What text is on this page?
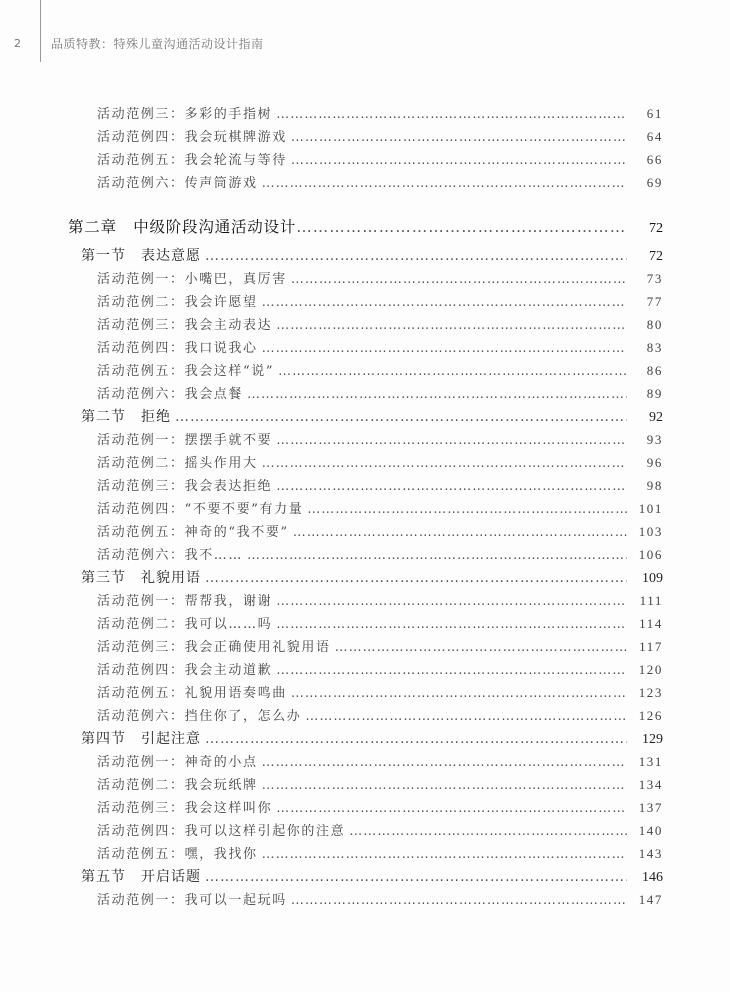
2	品质特教：特殊儿童沟通活动设计指南
活动范例三：多彩的手指树 ……………………………………………………………………………………………………………………………………………………………………………………………………	61
活动范例四：我会玩棋牌游戏 ……………………………………………………………………………………………………………………………………………………………………………………………………	64
活动范例五：我会轮流与等待 ……………………………………………………………………………………………………………………………………………………………………………………………………	66
活动范例六：传声筒游戏 ……………………………………………………………………………………………………………………………………………………………………………………………………	69
第二章　中级阶段沟通活动设计 ……………………………………………………………………………………………………………………………………………………………………………………………………	72
第一节　表达意愿 ……………………………………………………………………………………………………………………………………………………………………………………………………	72
活动范例一：小嘴巴，真厉害 ……………………………………………………………………………………………………………………………………………………………………………………………………	73
活动范例二：我会许愿望 ……………………………………………………………………………………………………………………………………………………………………………………………………	77
活动范例三：我会主动表达 ……………………………………………………………………………………………………………………………………………………………………………………………………	80
活动范例四：我口说我心 ……………………………………………………………………………………………………………………………………………………………………………………………………	83
活动范例五：我会这样“说” ……………………………………………………………………………………………………………………………………………………………………………………………………	86
活动范例六：我会点餐 ……………………………………………………………………………………………………………………………………………………………………………………………………	89
第二节　拒绝 ……………………………………………………………………………………………………………………………………………………………………………………………………	92
活动范例一：摆摆手就不要 ……………………………………………………………………………………………………………………………………………………………………………………………………	93
活动范例二：摇头作用大 ……………………………………………………………………………………………………………………………………………………………………………………………………	96
活动范例三：我会表达拒绝 ……………………………………………………………………………………………………………………………………………………………………………………………………	98
活动范例四：“不要不要”有力量 ……………………………………………………………………………………………………………………………………………………………………………………………………	101
活动范例五：神奇的“我不要” ……………………………………………………………………………………………………………………………………………………………………………………………………	103
活动范例六：我不…… ……………………………………………………………………………………………………………………………………………………………………………………………………	106
第三节　礼貌用语 ……………………………………………………………………………………………………………………………………………………………………………………………………	109
活动范例一：帮帮我，谢谢 ……………………………………………………………………………………………………………………………………………………………………………………………………	111
活动范例二：我可以……吗 ……………………………………………………………………………………………………………………………………………………………………………………………………	114
活动范例三：我会正确使用礼貌用语 ……………………………………………………………………………………………………………………………………………………………………………………………………	117
活动范例四：我会主动道歉 ……………………………………………………………………………………………………………………………………………………………………………………………………	120
活动范例五：礼貌用语奏鸣曲 ……………………………………………………………………………………………………………………………………………………………………………………………………	123
活动范例六：挡住你了，怎么办 ……………………………………………………………………………………………………………………………………………………………………………………………………	126
第四节　引起注意 ……………………………………………………………………………………………………………………………………………………………………………………………………	129
活动范例一：神奇的小点 ……………………………………………………………………………………………………………………………………………………………………………………………………	131
活动范例二：我会玩纸牌 ……………………………………………………………………………………………………………………………………………………………………………………………………	134
活动范例三：我会这样叫你 ……………………………………………………………………………………………………………………………………………………………………………………………………	137
活动范例四：我可以这样引起你的注意 ……………………………………………………………………………………………………………………………………………………………………………………………………	140
活动范例五：嘿，我找你 ……………………………………………………………………………………………………………………………………………………………………………………………………	143
第五节　开启话题 ……………………………………………………………………………………………………………………………………………………………………………………………………	146
活动范例一：我可以一起玩吗 ……………………………………………………………………………………………………………………………………………………………………………………………………	147
